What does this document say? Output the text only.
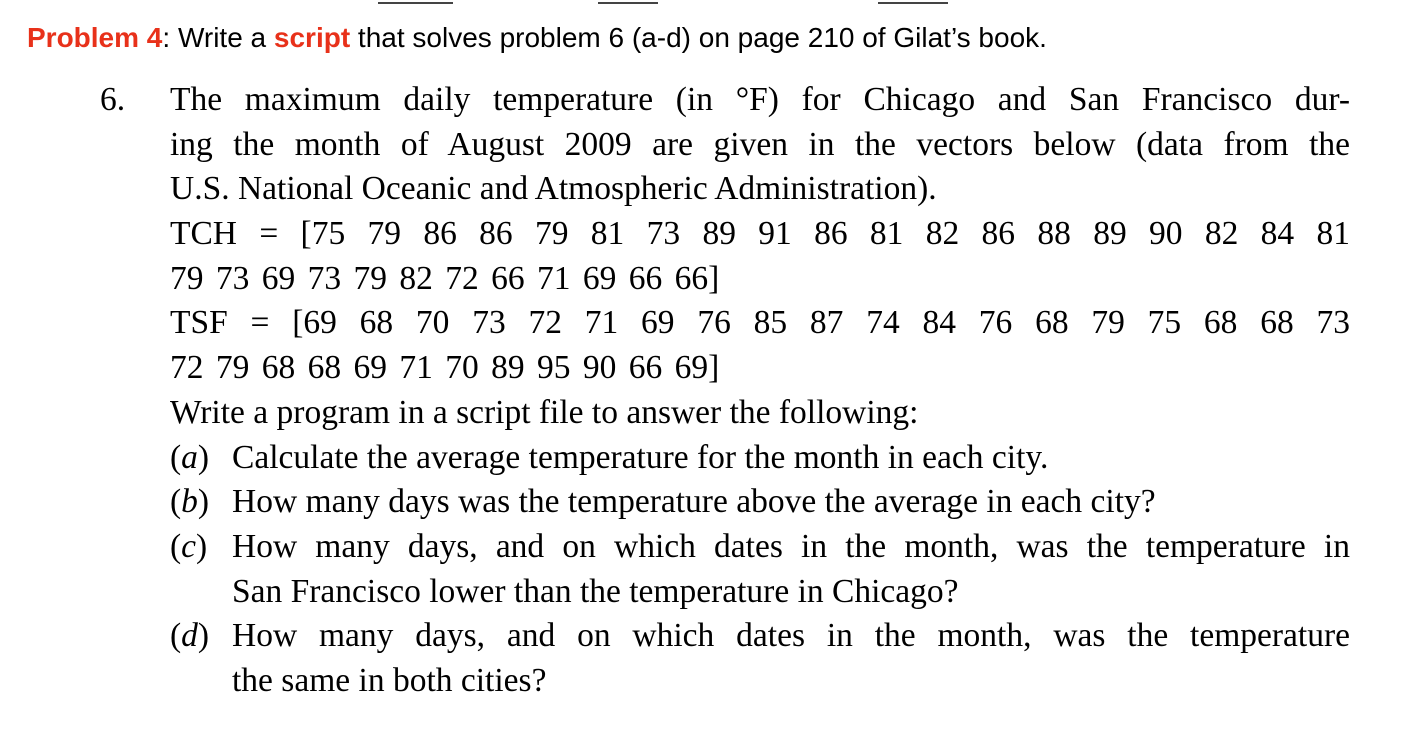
Problem 4: Write a script that solves problem 6 (a-d) on page 210 of Gilat’s book.
6.	The maximum daily temperature (in °F) for Chicago and San Francisco dur-
ing the month of August 2009 are given in the vectors below (data from the
U.S. National Oceanic and Atmospheric Administration).
TCH = [75 79 86 86 79 81 73 89 91 86 81 82 86 88 89 90 82 84 81
79 73 69 73 79 82 72 66 71 69 66 66]
TSF = [69 68 70 73 72 71 69 76 85 87 74 84 76 68 79 75 68 68 73
72 79 68 68 69 71 70 89 95 90 66 69]
Write a program in a script file to answer the following:
(a) Calculate the average temperature for the month in each city.
(b) How many days was the temperature above the average in each city?
(c) How many days, and on which dates in the month, was the temperature in
San Francisco lower than the temperature in Chicago?
(d) How many days, and on which dates in the month, was the temperature
the same in both cities?
